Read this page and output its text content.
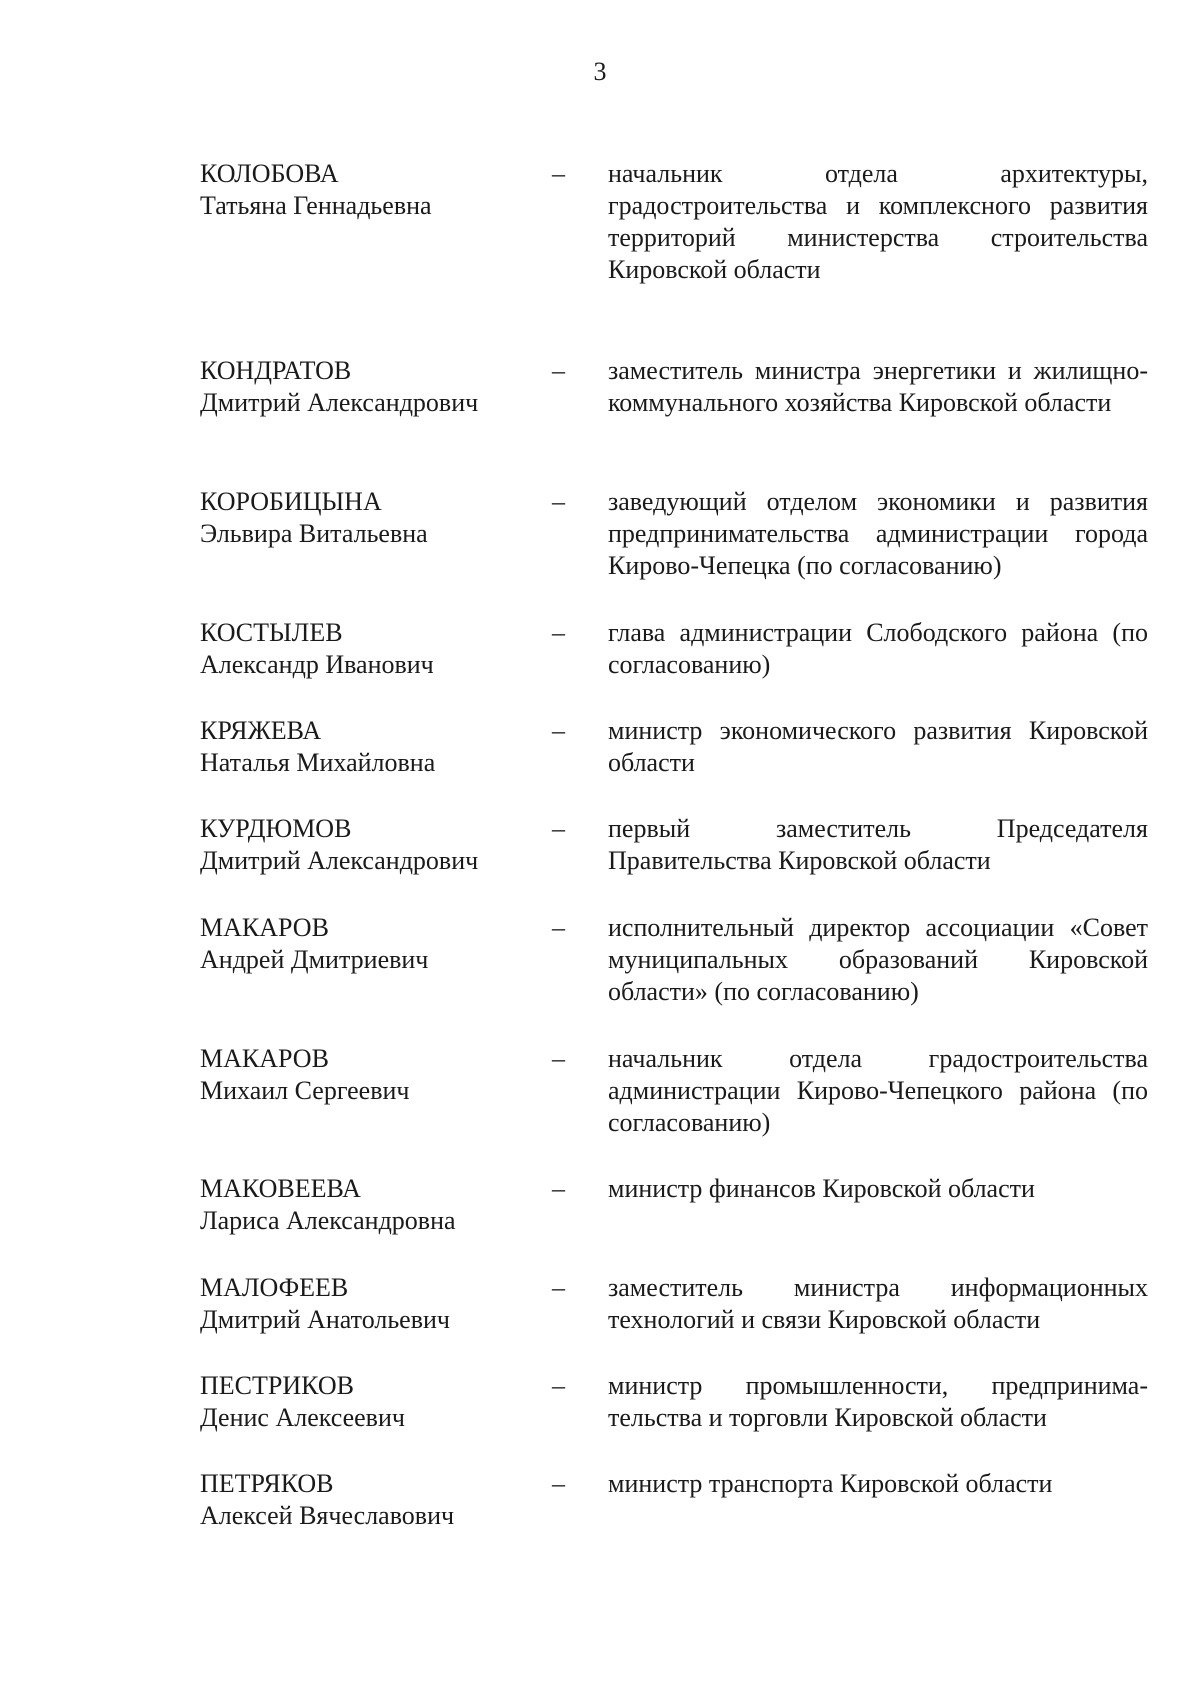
3
КОЛОБОВА
Татьяна Геннадьевна
– начальник отдела архитектуры, градостроительства и комплексного развития территорий министерства строительства Кировской области
КОНДРАТОВ
Дмитрий Александрович
– заместитель министра энергетики и жилищно-коммунального хозяйства Кировской области
КОРОБИЦЫНА
Эльвира Витальевна
– заведующий отделом экономики и развития предпринимательства администрации города Кирово-Чепецка (по согласованию)
КОСТЫЛЕВ
Александр Иванович
– глава администрации Слободского района (по согласованию)
КРЯЖЕВА
Наталья Михайловна
– министр экономического развития Кировской области
КУРДЮМОВ
Дмитрий Александрович
– первый заместитель Председателя Правительства Кировской области
МАКАРОВ
Андрей Дмитриевич
– исполнительный директор ассоциации «Совет муниципальных образований Кировской области» (по согласованию)
МАКАРОВ
Михаил Сергеевич
– начальник отдела градостроительства администрации Кирово-Чепецкого района (по согласованию)
МАКОВЕЕВА
Лариса Александровна
– министр финансов Кировской области
МАЛОФЕЕВ
Дмитрий Анатольевич
– заместитель министра информационных технологий и связи Кировской области
ПЕСТРИКОВ
Денис Алексеевич
– министр промышленности, предпринима-тельства и торговли Кировской области
ПЕТРЯКОВ
Алексей Вячеславович
– министр транспорта Кировской области
